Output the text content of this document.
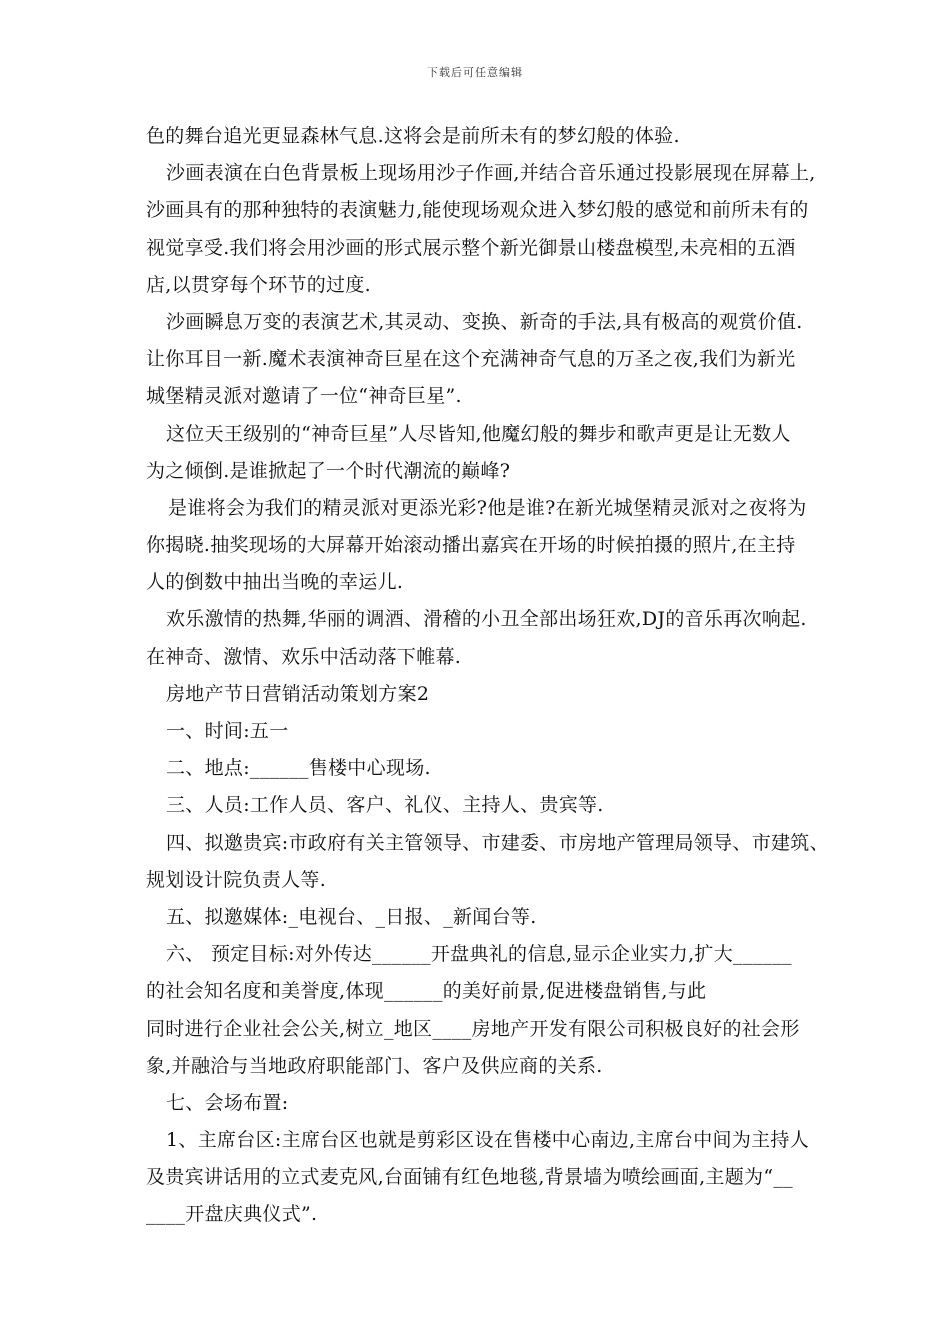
下载后可任意编辑
色的舞台追光更显森林气息.这将会是前所未有的梦幻般的体验.
沙画表演在白色背景板上现场用沙子作画,并结合音乐通过投影展现在屏幕上,
沙画具有的那种独特的表演魅力,能使现场观众进入梦幻般的感觉和前所未有的
视觉享受.我们将会用沙画的形式展示整个新光御景山楼盘模型,未亮相的五酒
店,以贯穿每个环节的过度.
沙画瞬息万变的表演艺术,其灵动、变换、新奇的手法,具有极高的观赏价值.
让你耳目一新.魔术表演神奇巨星在这个充满神奇气息的万圣之夜,我们为新光
城堡精灵派对邀请了一位“神奇巨星”.
这位天王级别的“神奇巨星”人尽皆知,他魔幻般的舞步和歌声更是让无数人
为之倾倒.是谁掀起了一个时代潮流的巅峰?
是谁将会为我们的精灵派对更添光彩?他是谁?在新光城堡精灵派对之夜将为
你揭晓.抽奖现场的大屏幕开始滚动播出嘉宾在开场的时候拍摄的照片,在主持
人的倒数中抽出当晚的幸运儿.
欢乐激情的热舞,华丽的调酒、滑稽的小丑全部出场狂欢,DJ的音乐再次响起.
在神奇、激情、欢乐中活动落下帷幕.
房地产节日营销活动策划方案2
一、时间:五一
二、地点:______售楼中心现场.
三、人员:工作人员、客户、礼仪、主持人、贵宾等.
四、拟邀贵宾:市政府有关主管领导、市建委、市房地产管理局领导、市建筑、
规划设计院负责人等.
五、拟邀媒体:_电视台、_日报、_新闻台等.
六、 预定目标:对外传达______开盘典礼的信息,显示企业实力,扩大______
的社会知名度和美誉度,体现______的美好前景,促进楼盘销售,与此
同时进行企业社会公关,树立_地区____房地产开发有限公司积极良好的社会形
象,并融洽与当地政府职能部门、客户及供应商的关系.
七、会场布置:
1、主席台区:主席台区也就是剪彩区设在售楼中心南边,主席台中间为主持人
及贵宾讲话用的立式麦克风,台面铺有红色地毯,背景墙为喷绘画面,主题为“__
____开盘庆典仪式”.
